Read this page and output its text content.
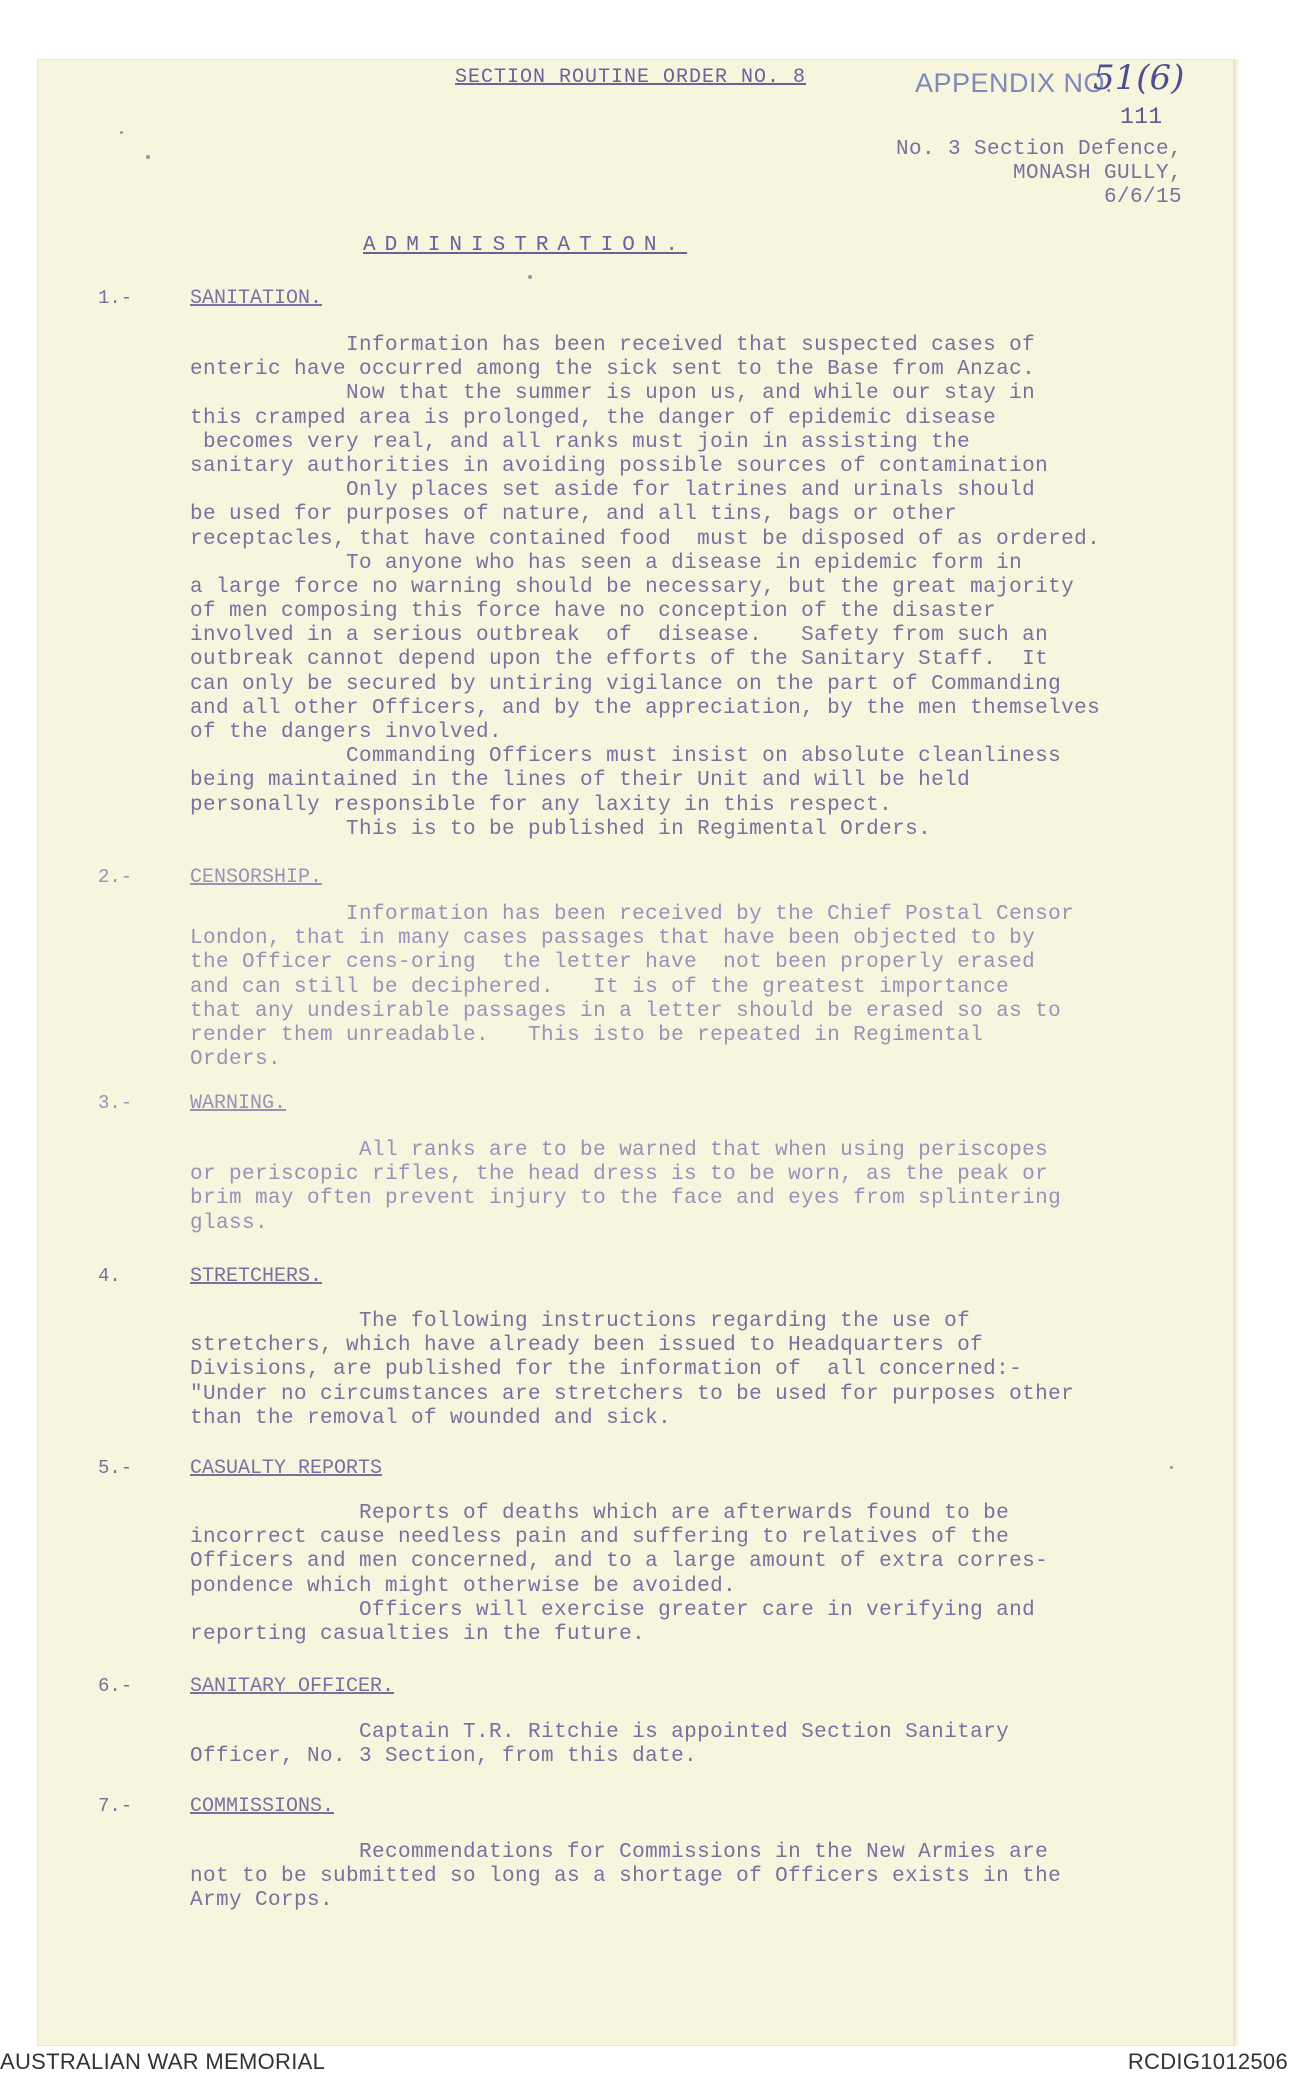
SECTION ROUTINE ORDER NO. 8	APPENDIX NO.
51(6)
111
No. 3 Section Defence,
MONASH GULLY,
6/6/15
ADMINISTRATION.
1.-	SANITATION.
Information has been received that suspected cases of
enteric have occurred among the sick sent to the Base from Anzac.
Now that the summer is upon us, and while our stay in
this cramped area is prolonged, the danger of epidemic disease
becomes very real, and all ranks must join in assisting the
sanitary authorities in avoiding possible sources of contamination
Only places set aside for latrines and urinals should
be used for purposes of nature, and all tins, bags or other
receptacles, that have contained food  must be disposed of as ordered.
To anyone who has seen a disease in epidemic form in
a large force no warning should be necessary, but the great majority
of men composing this force have no conception of the disaster
involved in a serious outbreak  of  disease.   Safety from such an
outbreak cannot depend upon the efforts of the Sanitary Staff.  It
can only be secured by untiring vigilance on the part of Commanding
and all other Officers, and by the appreciation, by the men themselves
of the dangers involved.
Commanding Officers must insist on absolute cleanliness
being maintained in the lines of their Unit and will be held
personally responsible for any laxity in this respect.
This is to be published in Regimental Orders.
2.-	CENSORSHIP.
Information has been received by the Chief Postal Censor
London, that in many cases passages that have been objected to by
the Officer cens-oring  the letter have  not been properly erased
and can still be deciphered.   It is of the greatest importance
that any undesirable passages in a letter should be erased so as to
render them unreadable.   This isto be repeated in Regimental
Orders.
3.-	WARNING.
All ranks are to be warned that when using periscopes
or periscopic rifles, the head dress is to be worn, as the peak or
brim may often prevent injury to the face and eyes from splintering
glass.
4.	STRETCHERS.
The following instructions regarding the use of
stretchers, which have already been issued to Headquarters of
Divisions, are published for the information of  all concerned:-
"Under no circumstances are stretchers to be used for purposes other
than the removal of wounded and sick.
5.-	CASUALTY REPORTS
Reports of deaths which are afterwards found to be
incorrect cause needless pain and suffering to relatives of the
Officers and men concerned, and to a large amount of extra corres-
pondence which might otherwise be avoided.
Officers will exercise greater care in verifying and
reporting casualties in the future.
6.-	SANITARY OFFICER.
Captain T.R. Ritchie is appointed Section Sanitary
Officer, No. 3 Section, from this date.
7.-	COMMISSIONS.
Recommendations for Commissions in the New Armies are
not to be submitted so long as a shortage of Officers exists in the
Army Corps.
AUSTRALIAN WAR MEMORIAL	RCDIG1012506
